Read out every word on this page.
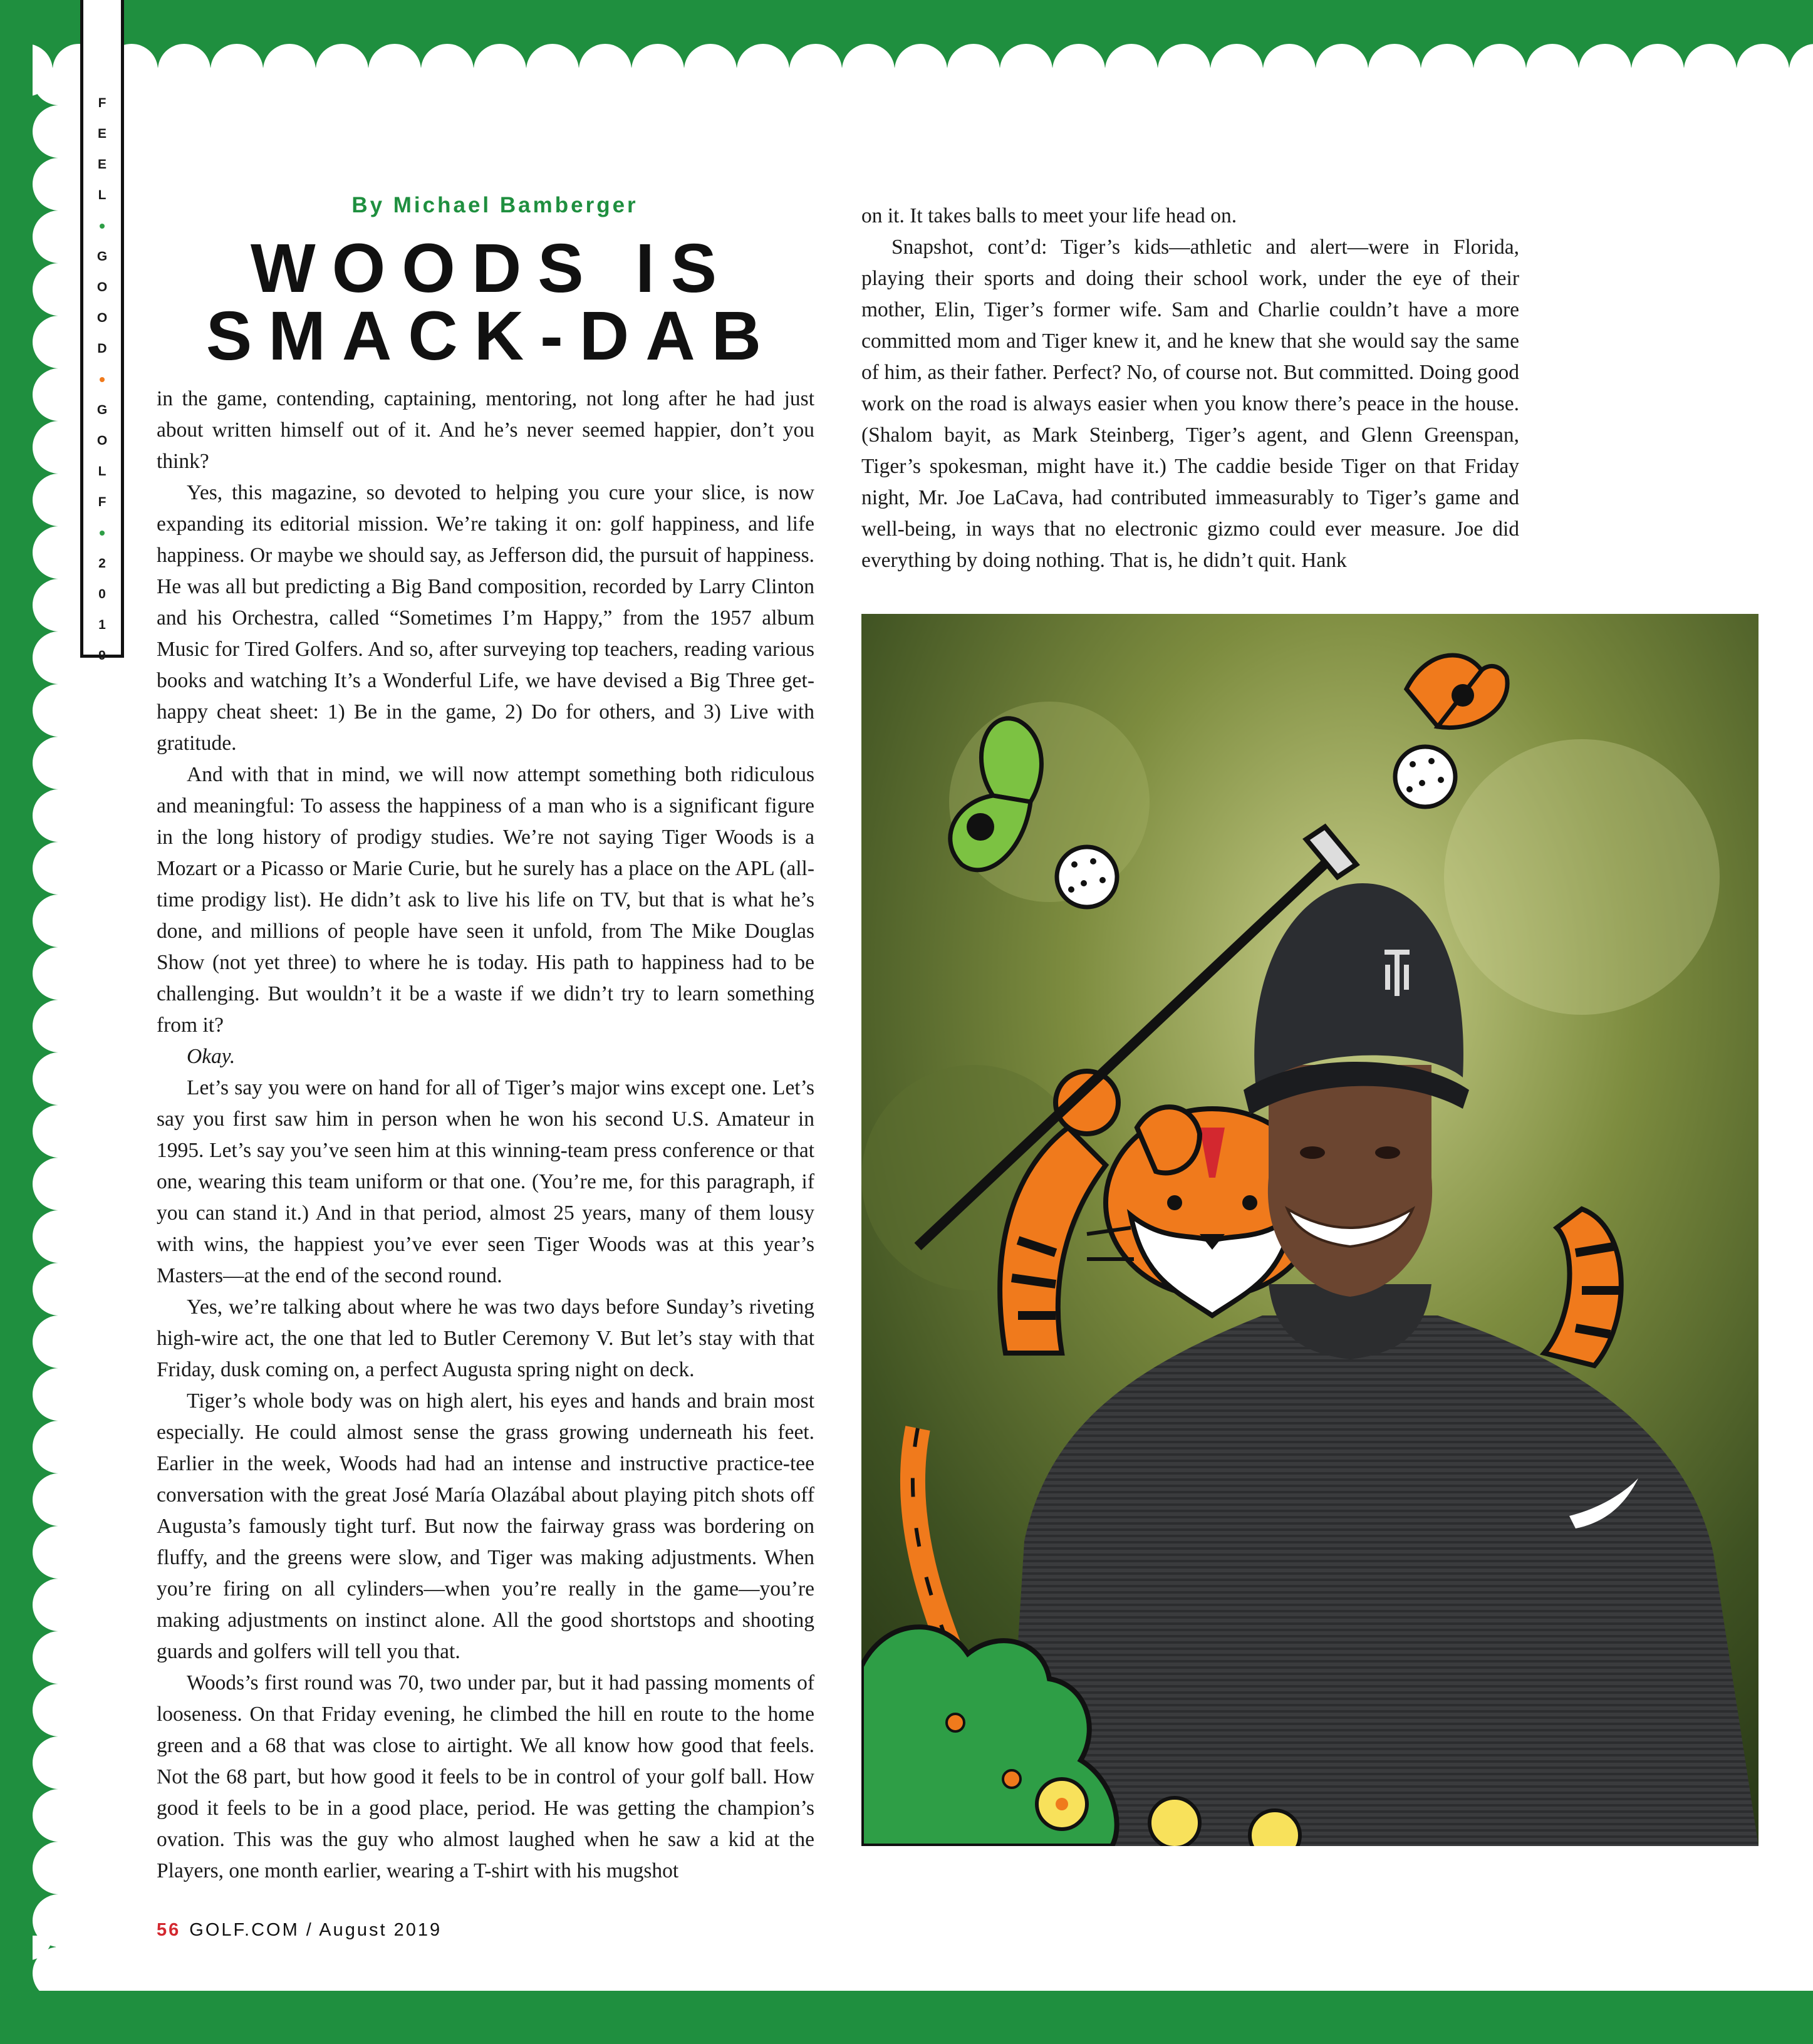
F
E
E
L
•
G
O
O
D
•
G
O
L
F
•
2
0
1
9
By Michael Bamberger
WOODS IS
SMACK-DAB

in the game, contending, captaining, mentoring, not long after he had just about written himself out of it. And he’s never seemed happier, don’t you think?

Yes, this magazine, so devoted to helping you cure your slice, is now expanding its editorial mission. We’re taking it on: golf happiness, and life happiness. Or maybe we should say, as Jefferson did, the pursuit of happiness. He was all but predicting a Big Band composition, recorded by Larry Clinton and his Orchestra, called “Sometimes I’m Happy,” from the 1957 album Music for Tired Golfers. And so, after surveying top teachers, reading various books and watching It’s a Wonderful Life, we have devised a Big Three get-happy cheat sheet: 1) Be in the game, 2) Do for others, and 3) Live with gratitude.

And with that in mind, we will now attempt something both ridiculous and meaningful: To assess the happiness of a man who is a significant figure in the long history of prodigy studies. We’re not saying Tiger Woods is a Mozart or a Picasso or Marie Curie, but he surely has a place on the APL (all-time prodigy list). He didn’t ask to live his life on TV, but that is what he’s done, and millions of people have seen it unfold, from The Mike Douglas Show (not yet three) to where he is today. His path to happiness had to be challenging. But wouldn’t it be a waste if we didn’t try to learn something from it?

Okay.

Let’s say you were on hand for all of Tiger’s major wins except one. Let’s say you first saw him in person when he won his second U.S. Amateur in 1995. Let’s say you’ve seen him at this winning-team press conference or that one, wearing this team uniform or that one. (You’re me, for this paragraph, if you can stand it.) And in that period, almost 25 years, many of them lousy with wins, the happiest you’ve ever seen Tiger Woods was at this year’s Masters—at the end of the second round.

Yes, we’re talking about where he was two days before Sunday’s riveting high-wire act, the one that led to Butler Ceremony V. But let’s stay with that Friday, dusk coming on, a perfect Augusta spring night on deck.

Tiger’s whole body was on high alert, his eyes and hands and brain most especially. He could almost sense the grass growing underneath his feet. Earlier in the week, Woods had had an intense and instructive practice-tee conversation with the great José María Olazábal about playing pitch shots off Augusta’s famously tight turf. But now the fairway grass was bordering on fluffy, and the greens were slow, and Tiger was making adjustments. When you’re firing on all cylinders—when you’re really in the game—you’re making adjustments on instinct alone. All the good shortstops and shooting guards and golfers will tell you that.

Woods’s first round was 70, two under par, but it had passing moments of looseness. On that Friday evening, he climbed the hill en route to the home green and a 68 that was close to airtight. We all know how good that feels. Not the 68 part, but how good it feels to be in control of your golf ball. How good it feels to be in a good place, period. He was getting the champion’s ovation. This was the guy who almost laughed when he saw a kid at the Players, one month earlier, wearing a T-shirt with his mugshot

on it. It takes balls to meet your life head on.

Snapshot, cont’d: Tiger’s kids—athletic and alert—were in Florida, playing their sports and doing their school work, under the eye of their mother, Elin, Tiger’s former wife. Sam and Charlie couldn’t have a more committed mom and Tiger knew it, and he knew that she would say the same of him, as their father. Perfect? No, of course not. But committed. Doing good work on the road is always easier when you know there’s peace in the house. (Shalom bayit, as Mark Steinberg, Tiger’s agent, and Glenn Greenspan, Tiger’s spokesman, might have it.) The caddie beside Tiger on that Friday night, Mr. Joe LaCava, had contributed immeasurably to Tiger’s game and well-being, in ways that no electronic gizmo could ever measure. Joe did everything by doing nothing. That is, he didn’t quit. Hank

56 GOLF.COM / August 2019
